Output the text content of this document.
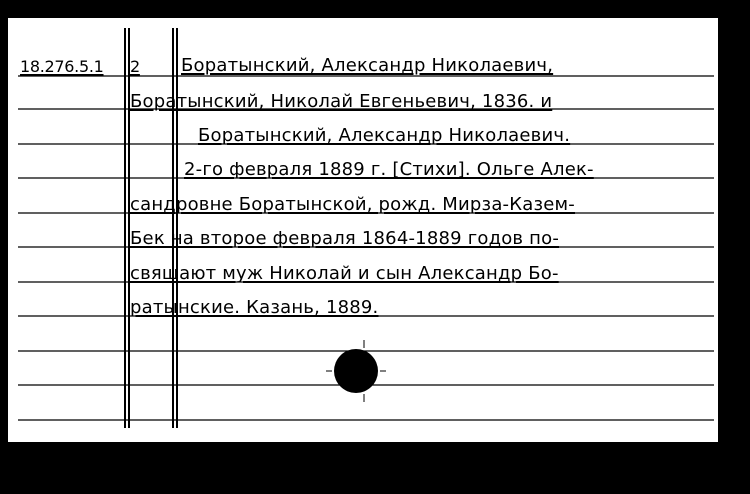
18.276.5.1 2 Боратынский, Александр Николаевич,
Боратынский, Николай Евгеньевич, 1836. и
Боратынский, Александр Николаевич.
2-го февраля 1889 г. [Стихи]. Ольге Алек-
сандровне Боратынской, рожд. Мирза-Казем-
Бек на второе февраля 1864-1889 годов по-
свящают муж Николай и сын Александр Бо-
ратынские. Казань, 1889.
